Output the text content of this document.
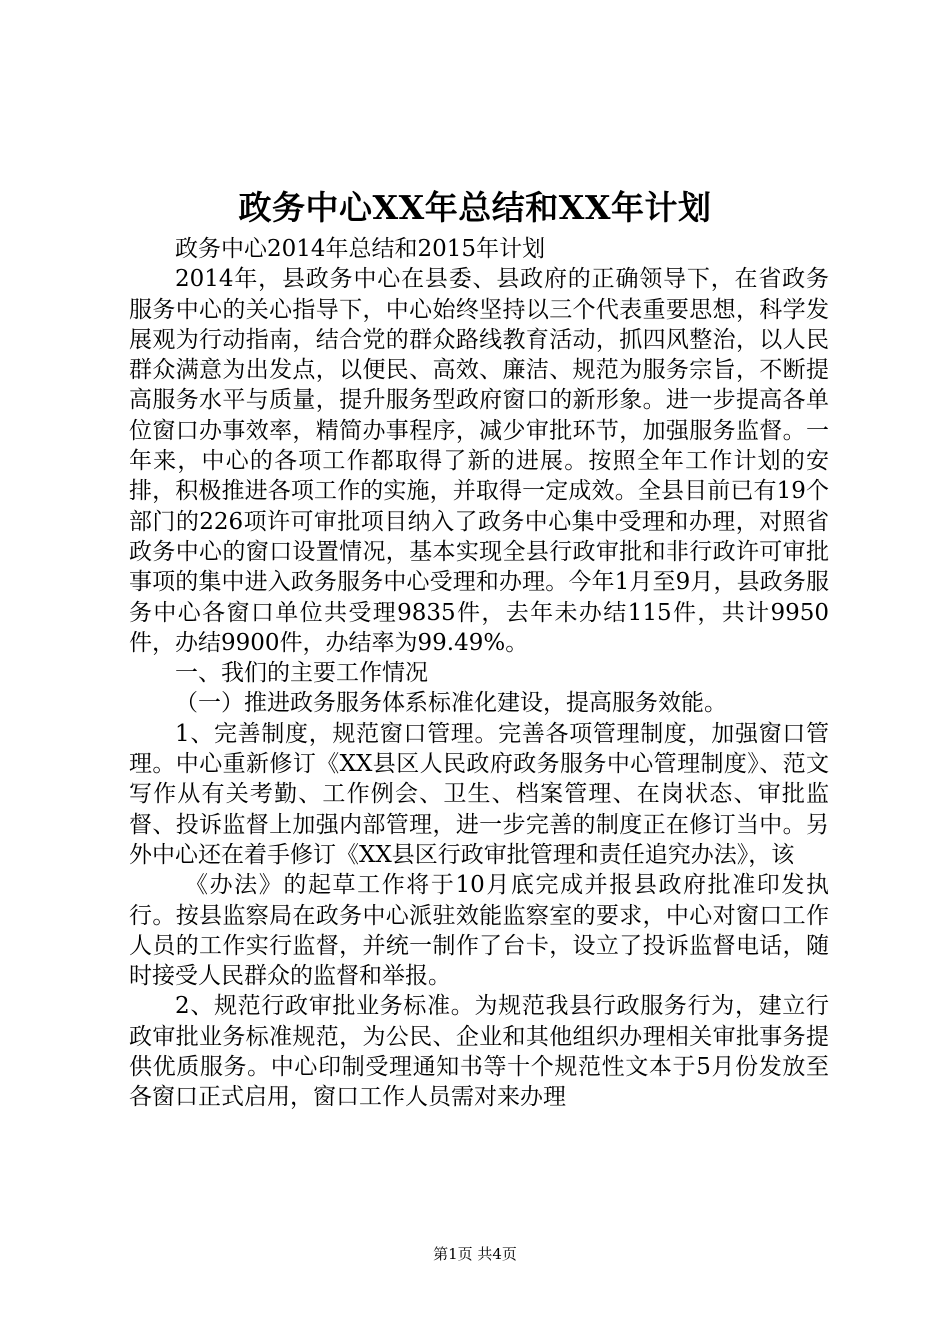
政务中心XX年总结和XX年计划

政务中心2014年总结和2015年计划

2014年，县政务中心在县委、县政府的正确领导下，在省政务服务中心的关心指导下，中心始终坚持以三个代表重要思想，科学发展观为行动指南，结合党的群众路线教育活动，抓四风整治，以人民群众满意为出发点，以便民、高效、廉洁、规范为服务宗旨，不断提高服务水平与质量，提升服务型政府窗口的新形象。进一步提高各单位窗口办事效率，精简办事程序，减少审批环节，加强服务监督。一年来，中心的各项工作都取得了新的进展。按照全年工作计划的安排，积极推进各项工作的实施，并取得一定成效。全县目前已有19个部门的226项许可审批项目纳入了政务中心集中受理和办理，对照省政务中心的窗口设置情况，基本实现全县行政审批和非行政许可审批事项的集中进入政务服务中心受理和办理。今年1月至9月，县政务服务中心各窗口单位共受理9835件，去年未办结115件，共计9950件，办结9900件，办结率为99.49%。

一、我们的主要工作情况

（一）推进政务服务体系标准化建设，提高服务效能。

1、完善制度，规范窗口管理。完善各项管理制度，加强窗口管理。中心重新修订《XX县区人民政府政务服务中心管理制度》、范文写作从有关考勤、工作例会、卫生、档案管理、在岗状态、审批监督、投诉监督上加强内部管理，进一步完善的制度正在修订当中。另外中心还在着手修订《XX县区行政审批管理和责任追究办法》，该

《办法》的起草工作将于10月底完成并报县政府批准印发执行。按县监察局在政务中心派驻效能监察室的要求，中心对窗口工作人员的工作实行监督，并统一制作了台卡，设立了投诉监督电话，随时接受人民群众的监督和举报。

2、规范行政审批业务标准。为规范我县行政服务行为，建立行政审批业务标准规范，为公民、企业和其他组织办理相关审批事务提供优质服务。中心印制受理通知书等十个规范性文本于5月份发放至各窗口正式启用，窗口工作人员需对来办理

第1页 共4页
